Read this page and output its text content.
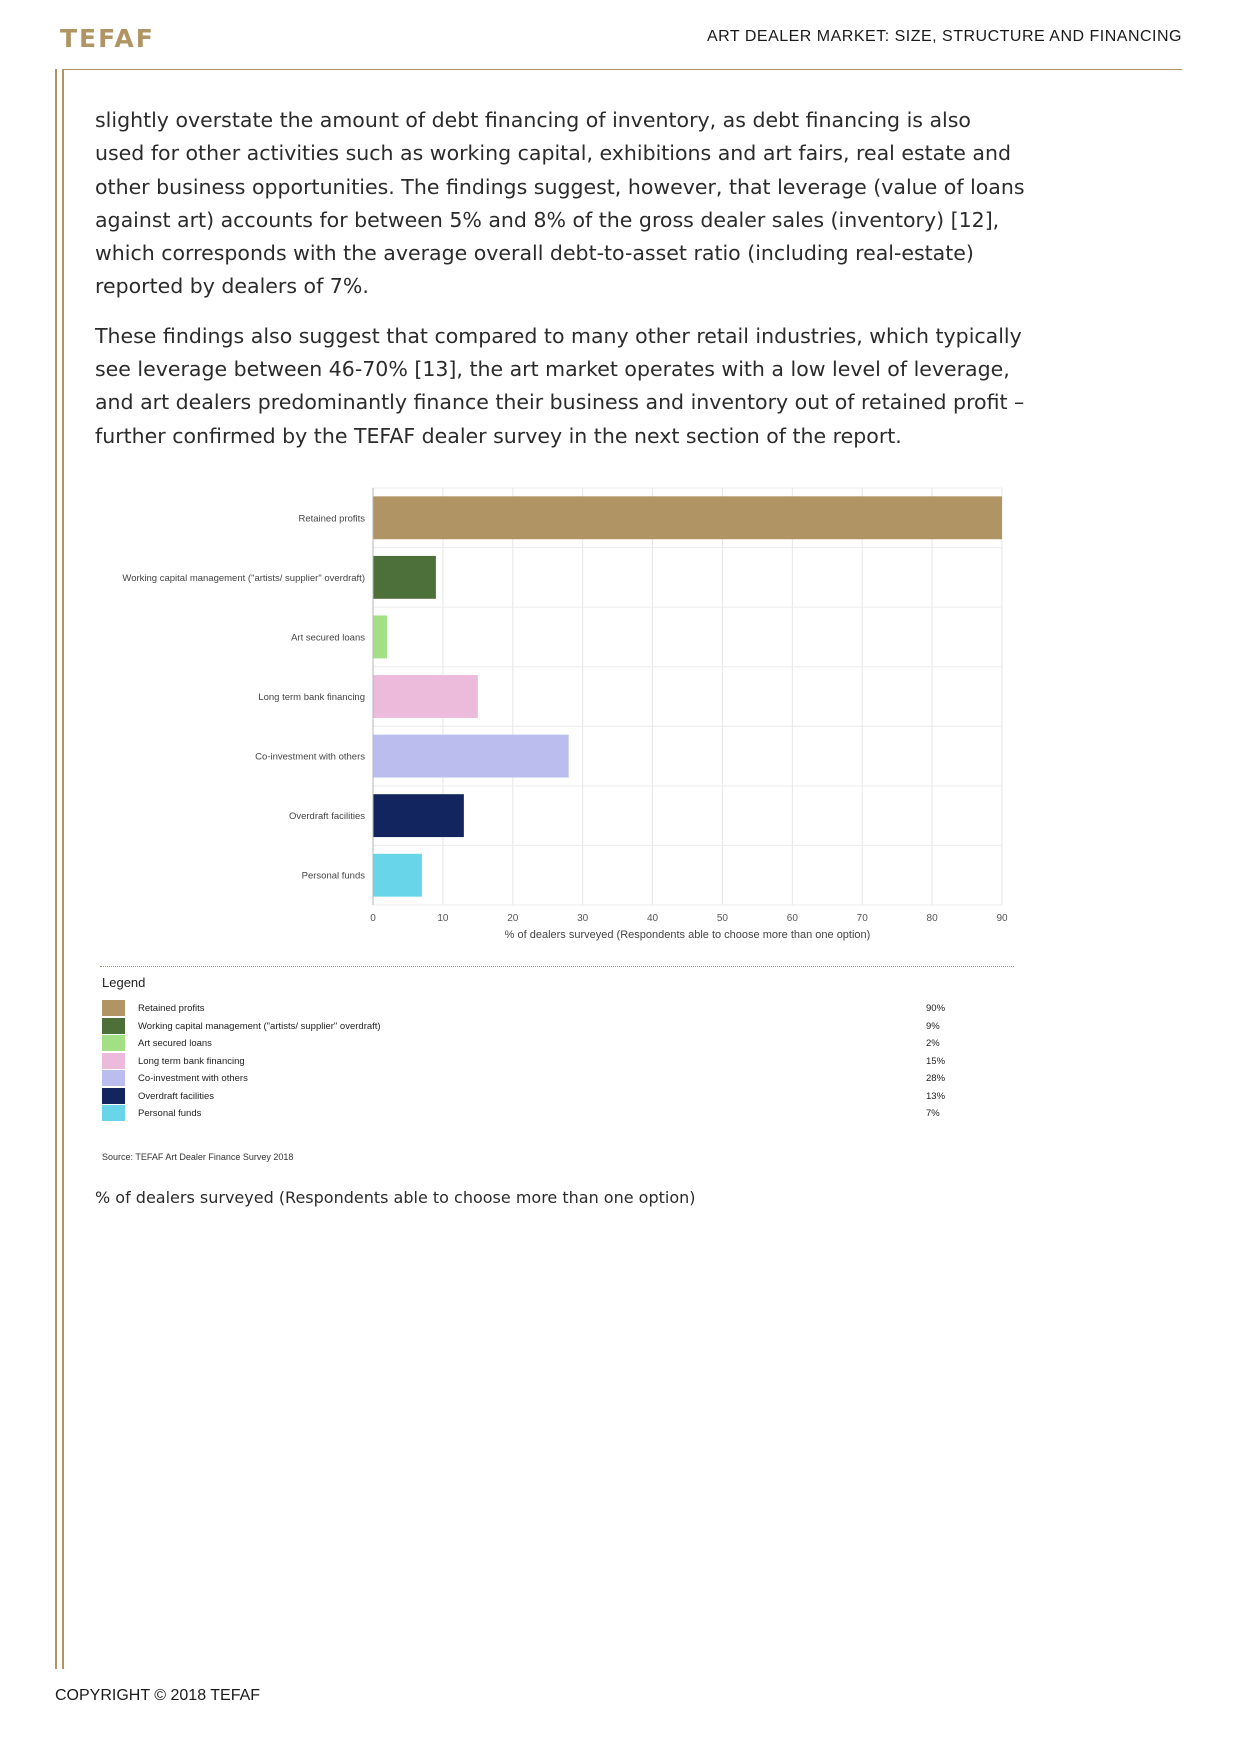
TEFAF	ART DEALER MARKET: SIZE, STRUCTURE AND FINANCING

slightly overstate the amount of debt financing of inventory, as debt financing is also used for other activities such as working capital, exhibitions and art fairs, real estate and other business opportunities. The findings suggest, however, that leverage (value of loans against art) accounts for between 5% and 8% of the gross dealer sales (inventory) [12], which corresponds with the average overall debt-to-asset ratio (including real-estate) reported by dealers of 7%.

These findings also suggest that compared to many other retail industries, which typically see leverage between 46-70% [13], the art market operates with a low level of leverage, and art dealers predominantly finance their business and inventory out of retained profit – further confirmed by the TEFAF dealer survey in the next section of the report.

0	10	20	30	40	50	60	70	80	90
Retained profits
Working capital management ("artists/ supplier" overdraft)
Art secured loans
Long term bank financing
Co-investment with others
Overdraft facilities
Personal funds
% of dealers surveyed (Respondents able to choose more than one option)
Legend
Retained profits	90%
Working capital management ("artists/ supplier" overdraft)	9%
Art secured loans	2%
Long term bank financing	15%
Co-investment with others	28%
Overdraft facilities	13%
Personal funds	7%
Source: TEFAF Art Dealer Finance Survey 2018
% of dealers surveyed (Respondents able to choose more than one option)
COPYRIGHT © 2018 TEFAF
